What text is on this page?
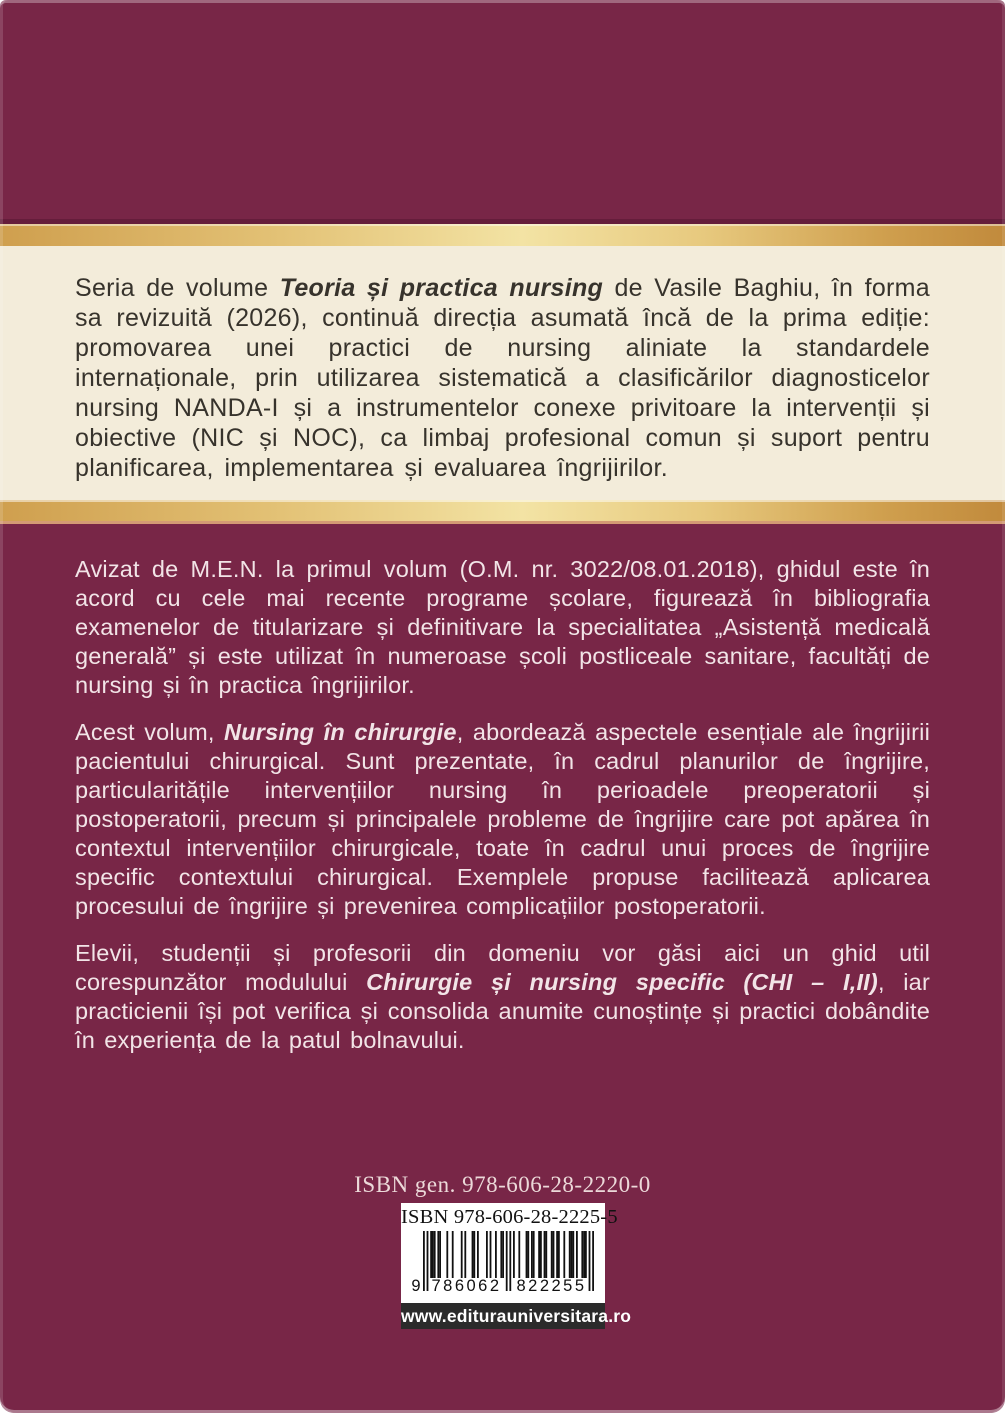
Seria de volume Teoria și practica nursing de Vasile Baghiu, în forma sa revizuită (2026), continuă direcția asumată încă de la prima ediție: promovarea unei practici de nursing aliniate la standardele internaționale, prin utilizarea sistematică a clasificărilor diagnosticelor nursing NANDA-I și a instrumentelor conexe privitoare la intervenții și obiective (NIC și NOC), ca limbaj profesional comun și suport pentru planificarea, implementarea și evaluarea îngrijirilor.

Avizat de M.E.N. la primul volum (O.M. nr. 3022/08.01.2018), ghidul este în acord cu cele mai recente programe școlare, figurează în bibliografia examenelor de titularizare și definitivare la specialitatea „Asistență medicală generală” și este utilizat în numeroase școli postliceale sanitare, facultăți de nursing și în practica îngrijirilor.

Acest volum, Nursing în chirurgie, abordează aspectele esențiale ale îngrijirii pacientului chirurgical. Sunt prezentate, în cadrul planurilor de îngrijire, particularitățile intervențiilor nursing în perioadele preoperatorii și postoperatorii, precum și principalele probleme de îngrijire care pot apărea în contextul intervențiilor chirurgicale, toate în cadrul unui proces de îngrijire specific contextului chirurgical. Exemplele propuse facilitează aplicarea procesului de îngrijire și prevenirea complicațiilor postoperatorii.

Elevii, studenții și profesorii din domeniu vor găsi aici un ghid util corespunzător modulului Chirurgie și nursing specific (CHI – I,II), iar practicienii își pot verifica și consolida anumite cunoștințe și practici dobândite în experiența de la patul bolnavului.

ISBN gen. 978-606-28-2220-0
ISBN 978-606-28-2225-5
9 786062 822255
www.editurauniversitara.ro
